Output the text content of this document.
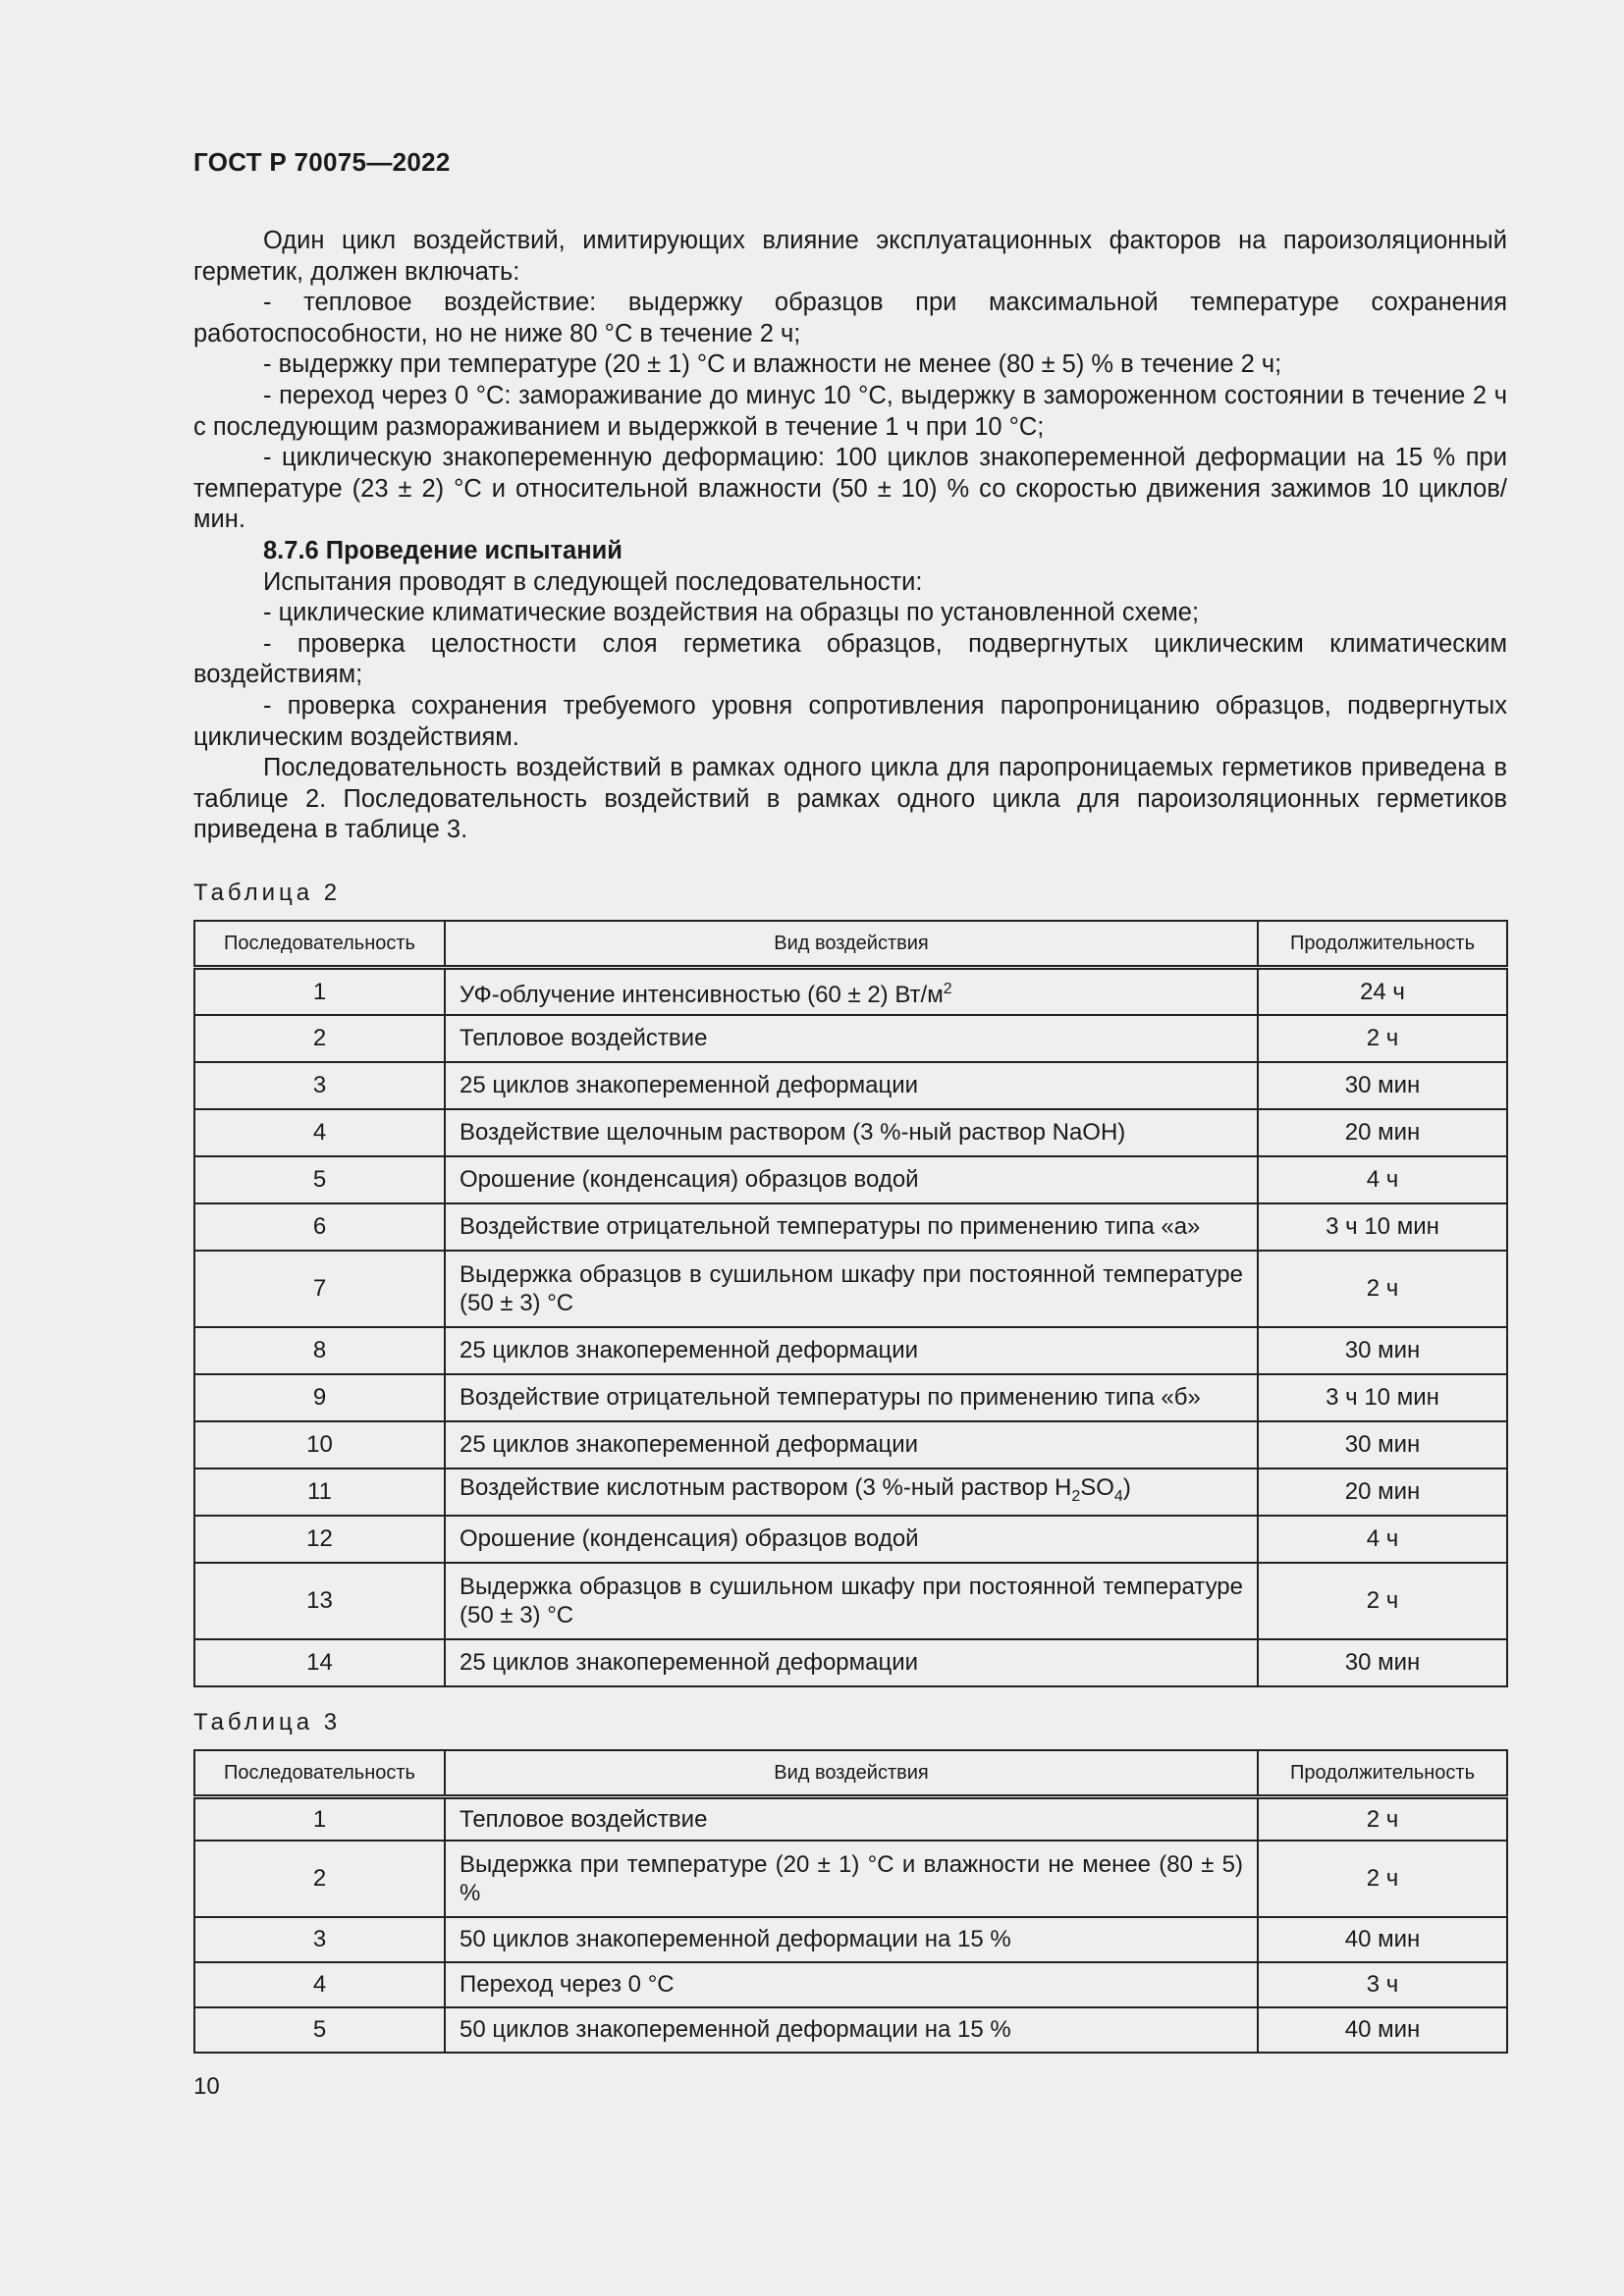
ГОСТ Р 70075—2022

Один цикл воздействий, имитирующих влияние эксплуатационных факторов на пароизоляционный герметик, должен включать:

- тепловое воздействие: выдержку образцов при максимальной температуре сохранения работоспособности, но не ниже 80 °С в течение 2 ч;

- выдержку при температуре (20 ± 1) °С и влажности не менее (80 ± 5) % в течение 2 ч;

- переход через 0 °С: замораживание до минус 10 °С, выдержку в замороженном состоянии в течение 2 ч с последующим размораживанием и выдержкой в течение 1 ч при 10 °С;

- циклическую знакопеременную деформацию: 100 циклов знакопеременной деформации на 15 % при температуре (23 ± 2) °С и относительной влажности (50 ± 10) % со скоростью движения зажимов 10 циклов/мин.

8.7.6 Проведение испытаний

Испытания проводят в следующей последовательности:

- циклические климатические воздействия на образцы по установленной схеме;

- проверка целостности слоя герметика образцов, подвергнутых циклическим климатическим воздействиям;

- проверка сохранения требуемого уровня сопротивления паропроницанию образцов, подвергнутых циклическим воздействиям.

Последовательность воздействий в рамках одного цикла для паропроницаемых герметиков приведена в таблице 2. Последовательность воздействий в рамках одного цикла для пароизоляционных герметиков приведена в таблице 3.

Таблица 2
Последовательность	Вид воздействия	Продолжительность
1	УФ-облучение интенсивностью (60 ± 2) $Вт/м^2$	24 ч
2	Тепловое воздействие	2 ч
3	25 циклов знакопеременной деформации	30 мин
4	Воздействие щелочным раствором (3 %-ный раствор NaOH)	20 мин
5	Орошение (конденсация) образцов водой	4 ч
6	Воздействие отрицательной температуры по применению типа «а»	3 ч 10 мин
7	Выдержка образцов в сушильном шкафу при постоянной температуре (50 ± 3) °С	2 ч
8	25 циклов знакопеременной деформации	30 мин
9	Воздействие отрицательной температуры по применению типа «б»	3 ч 10 мин
10	25 циклов знакопеременной деформации	30 мин
11	Воздействие кислотным раствором (3 %-ный раствор $H_2SO_4$)	20 мин
12	Орошение (конденсация) образцов водой	4 ч
13	Выдержка образцов в сушильном шкафу при постоянной температуре (50 ± 3) °С	2 ч
14	25 циклов знакопеременной деформации	30 мин
Таблица 3
Последовательность	Вид воздействия	Продолжительность
1	Тепловое воздействие	2 ч
2	Выдержка при температуре (20 ± 1) °С и влажности не менее (80 ± 5) %	2 ч
3	50 циклов знакопеременной деформации на 15 %	40 мин
4	Переход через 0 °С	3 ч
5	50 циклов знакопеременной деформации на 15 %	40 мин
10
